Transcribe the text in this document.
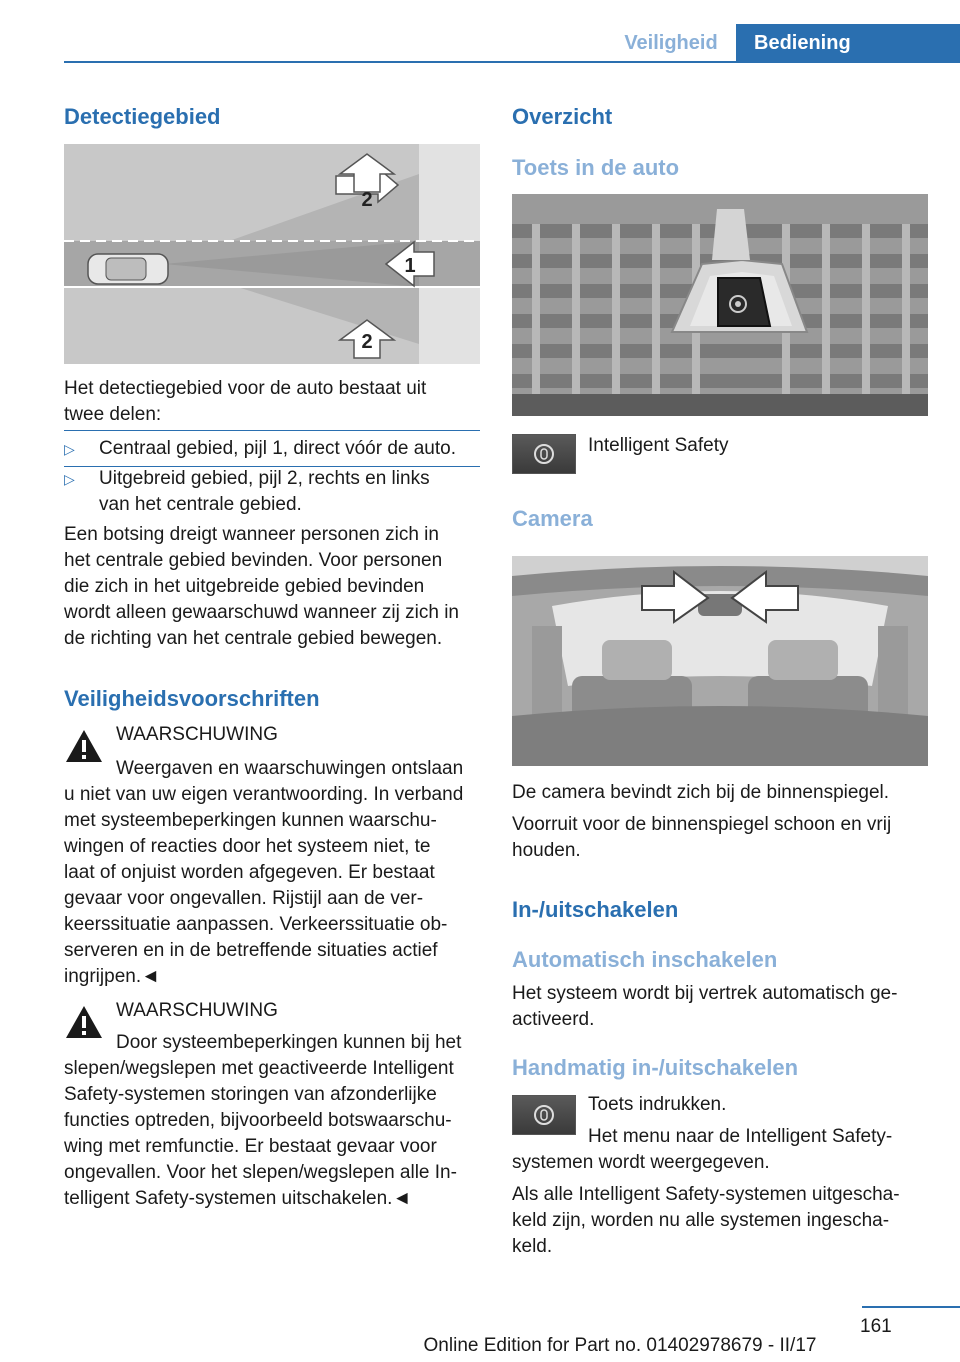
Veiligheid	Bediening
Detectiegebied
2
1
2
Het detectiegebied voor de auto bestaat uit
twee delen:
▷ Centraal gebied, pijl 1, direct vóór de auto.
▷ Uitgebreid gebied, pijl 2, rechts en links
van het centrale gebied.
Een botsing dreigt wanneer personen zich in
het centrale gebied bevinden. Voor personen
die zich in het uitgebreide gebied bevinden
wordt alleen gewaarschuwd wanneer zij zich in
de richting van het centrale gebied bewegen.
Veiligheidsvoorschriften
WAARSCHUWING
Weergaven en waarschuwingen ontslaan
u niet van uw eigen verantwoording. In verband
met systeembeperkingen kunnen waarschu-
wingen of reacties door het systeem niet, te
laat of onjuist worden afgegeven. Er bestaat
gevaar voor ongevallen. Rijstijl aan de ver-
keerssituatie aanpassen. Verkeerssituatie ob-
serveren en in de betreffende situaties actief
ingrijpen.◄
WAARSCHUWING
Door systeembeperkingen kunnen bij het
slepen/wegslepen met geactiveerde Intelligent
Safety-systemen storingen van afzonderlijke
functies optreden, bijvoorbeeld botswaarschu-
wing met remfunctie. Er bestaat gevaar voor
ongevallen. Voor het slepen/wegslepen alle In-
telligent Safety-systemen uitschakelen.◄
Overzicht
Toets in de auto
Intelligent Safety
Camera
De camera bevindt zich bij de binnenspiegel.
Voorruit voor de binnenspiegel schoon en vrij
houden.
In-/uitschakelen
Automatisch inschakelen
Het systeem wordt bij vertrek automatisch ge-
activeerd.
Handmatig in-/uitschakelen
Toets indrukken.
Het menu naar de Intelligent Safety-
systemen wordt weergegeven.
Als alle Intelligent Safety-systemen uitgescha-
keld zijn, worden nu alle systemen ingescha-
keld.
161
Online Edition for Part no. 01402978679 - II/17
